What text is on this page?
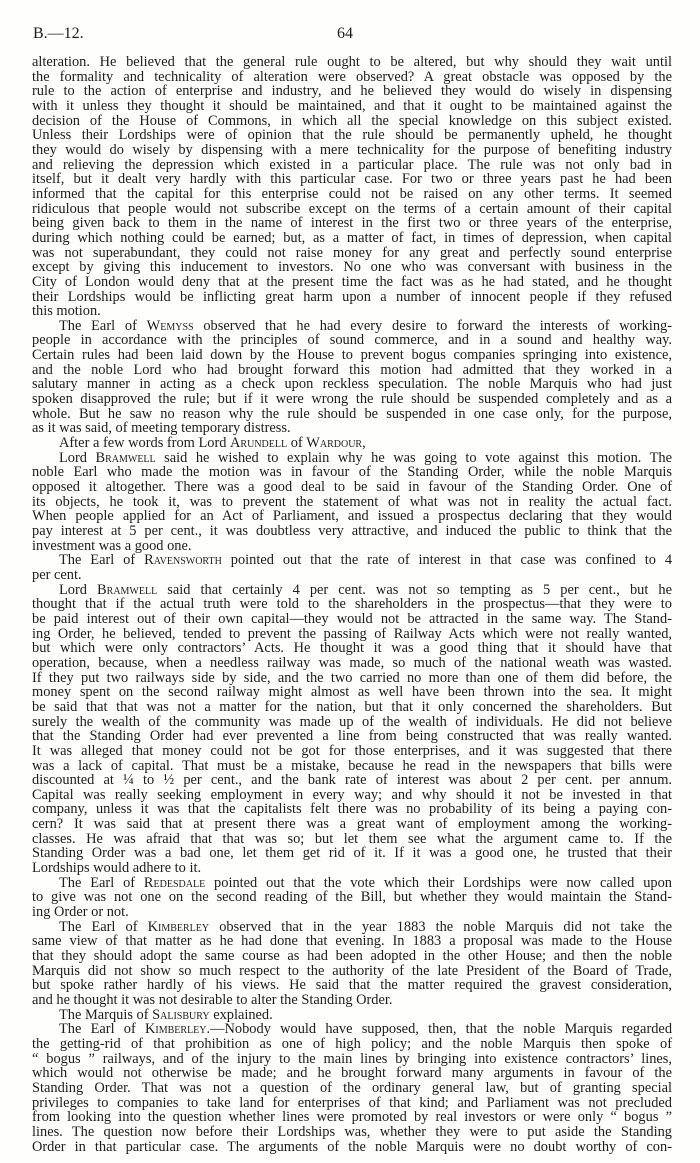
B.—12.	64
alteration. He believed that the general rule ought to be altered, but why should they wait until
the formality and technicality of alteration were observed? A great obstacle was opposed by the
rule to the action of enterprise and industry, and he believed they would do wisely in dispensing
with it unless they thought it should be maintained, and that it ought to be maintained against the
decision of the House of Commons, in which all the special knowledge on this subject existed.
Unless their Lordships were of opinion that the rule should be permanently upheld, he thought
they would do wisely by dispensing with a mere technicality for the purpose of benefiting industry
and relieving the depression which existed in a particular place. The rule was not only bad in
itself, but it dealt very hardly with this particular case. For two or three years past he had been
informed that the capital for this enterprise could not be raised on any other terms. It seemed
ridiculous that people would not subscribe except on the terms of a certain amount of their capital
being given back to them in the name of interest in the first two or three years of the enterprise,
during which nothing could be earned; but, as a matter of fact, in times of depression, when capital
was not superabundant, they could not raise money for any great and perfectly sound enterprise
except by giving this inducement to investors. No one who was conversant with business in the
City of London would deny that at the present time the fact was as he had stated, and he thought
their Lordships would be inflicting great harm upon a number of innocent people if they refused
this motion.
The Earl of Wemyss observed that he had every desire to forward the interests of working-
people in accordance with the principles of sound commerce, and in a sound and healthy way.
Certain rules had been laid down by the House to prevent bogus companies springing into existence,
and the noble Lord who had brought forward this motion had admitted that they worked in a
salutary manner in acting as a check upon reckless speculation. The noble Marquis who had just
spoken disapproved the rule; but if it were wrong the rule should be suspended completely and as a
whole. But he saw no reason why the rule should be suspended in one case only, for the purpose,
as it was said, of meeting temporary distress.
After a few words from Lord Arundell of Wardour,
Lord Bramwell said he wished to explain why he was going to vote against this motion. The
noble Earl who made the motion was in favour of the Standing Order, while the noble Marquis
opposed it altogether. There was a good deal to be said in favour of the Standing Order. One of
its objects, he took it, was to prevent the statement of what was not in reality the actual fact.
When people applied for an Act of Parliament, and issued a prospectus declaring that they would
pay interest at 5 per cent., it was doubtless very attractive, and induced the public to think that the
investment was a good one.
The Earl of Ravensworth pointed out that the rate of interest in that case was confined to 4
per cent.
Lord Bramwell said that certainly 4 per cent. was not so tempting as 5 per cent., but he
thought that if the actual truth were told to the shareholders in the prospectus—that they were to
be paid interest out of their own capital—they would not be attracted in the same way. The Stand-
ing Order, he believed, tended to prevent the passing of Railway Acts which were not really wanted,
but which were only contractors’ Acts. He thought it was a good thing that it should have that
operation, because, when a needless railway was made, so much of the national weath was wasted.
If they put two railways side by side, and the two carried no more than one of them did before, the
money spent on the second railway might almost as well have been thrown into the sea. It might
be said that that was not a matter for the nation, but that it only concerned the shareholders. But
surely the wealth of the community was made up of the wealth of individuals. He did not believe
that the Standing Order had ever prevented a line from being constructed that was really wanted.
It was alleged that money could not be got for those enterprises, and it was suggested that there
was a lack of capital. That must be a mistake, because he read in the newspapers that bills were
discounted at ¼ to ½ per cent., and the bank rate of interest was about 2 per cent. per annum.
Capital was really seeking employment in every way; and why should it not be invested in that
company, unless it was that the capitalists felt there was no probability of its being a paying con-
cern? It was said that at present there was a great want of employment among the working-
classes. He was afraid that that was so; but let them see what the argument came to. If the
Standing Order was a bad one, let them get rid of it. If it was a good one, he trusted that their
Lordships would adhere to it.
The Earl of Redesdale pointed out that the vote which their Lordships were now called upon
to give was not one on the second reading of the Bill, but whether they would maintain the Stand-
ing Order or not.
The Earl of Kimberley observed that in the year 1883 the noble Marquis did not take the
same view of that matter as he had done that evening. In 1883 a proposal was made to the House
that they should adopt the same course as had been adopted in the other House; and then the noble
Marquis did not show so much respect to the authority of the late President of the Board of Trade,
but spoke rather hardly of his views. He said that the matter required the gravest consideration,
and he thought it was not desirable to alter the Standing Order.
The Marquis of Salisbury explained.
The Earl of Kimberley.—Nobody would have supposed, then, that the noble Marquis regarded
the getting-rid of that prohibition as one of high policy; and the noble Marquis then spoke of
“ bogus ” railways, and of the injury to the main lines by bringing into existence contractors’ lines,
which would not otherwise be made; and he brought forward many arguments in favour of the
Standing Order. That was not a question of the ordinary general law, but of granting special
privileges to companies to take land for enterprises of that kind; and Parliament was not precluded
from looking into the question whether lines were promoted by real investors or were only “ bogus ”
lines. The question now before their Lordships was, whether they were to put aside the Standing
Order in that particular case. The arguments of the noble Marquis were no doubt worthy of con-
